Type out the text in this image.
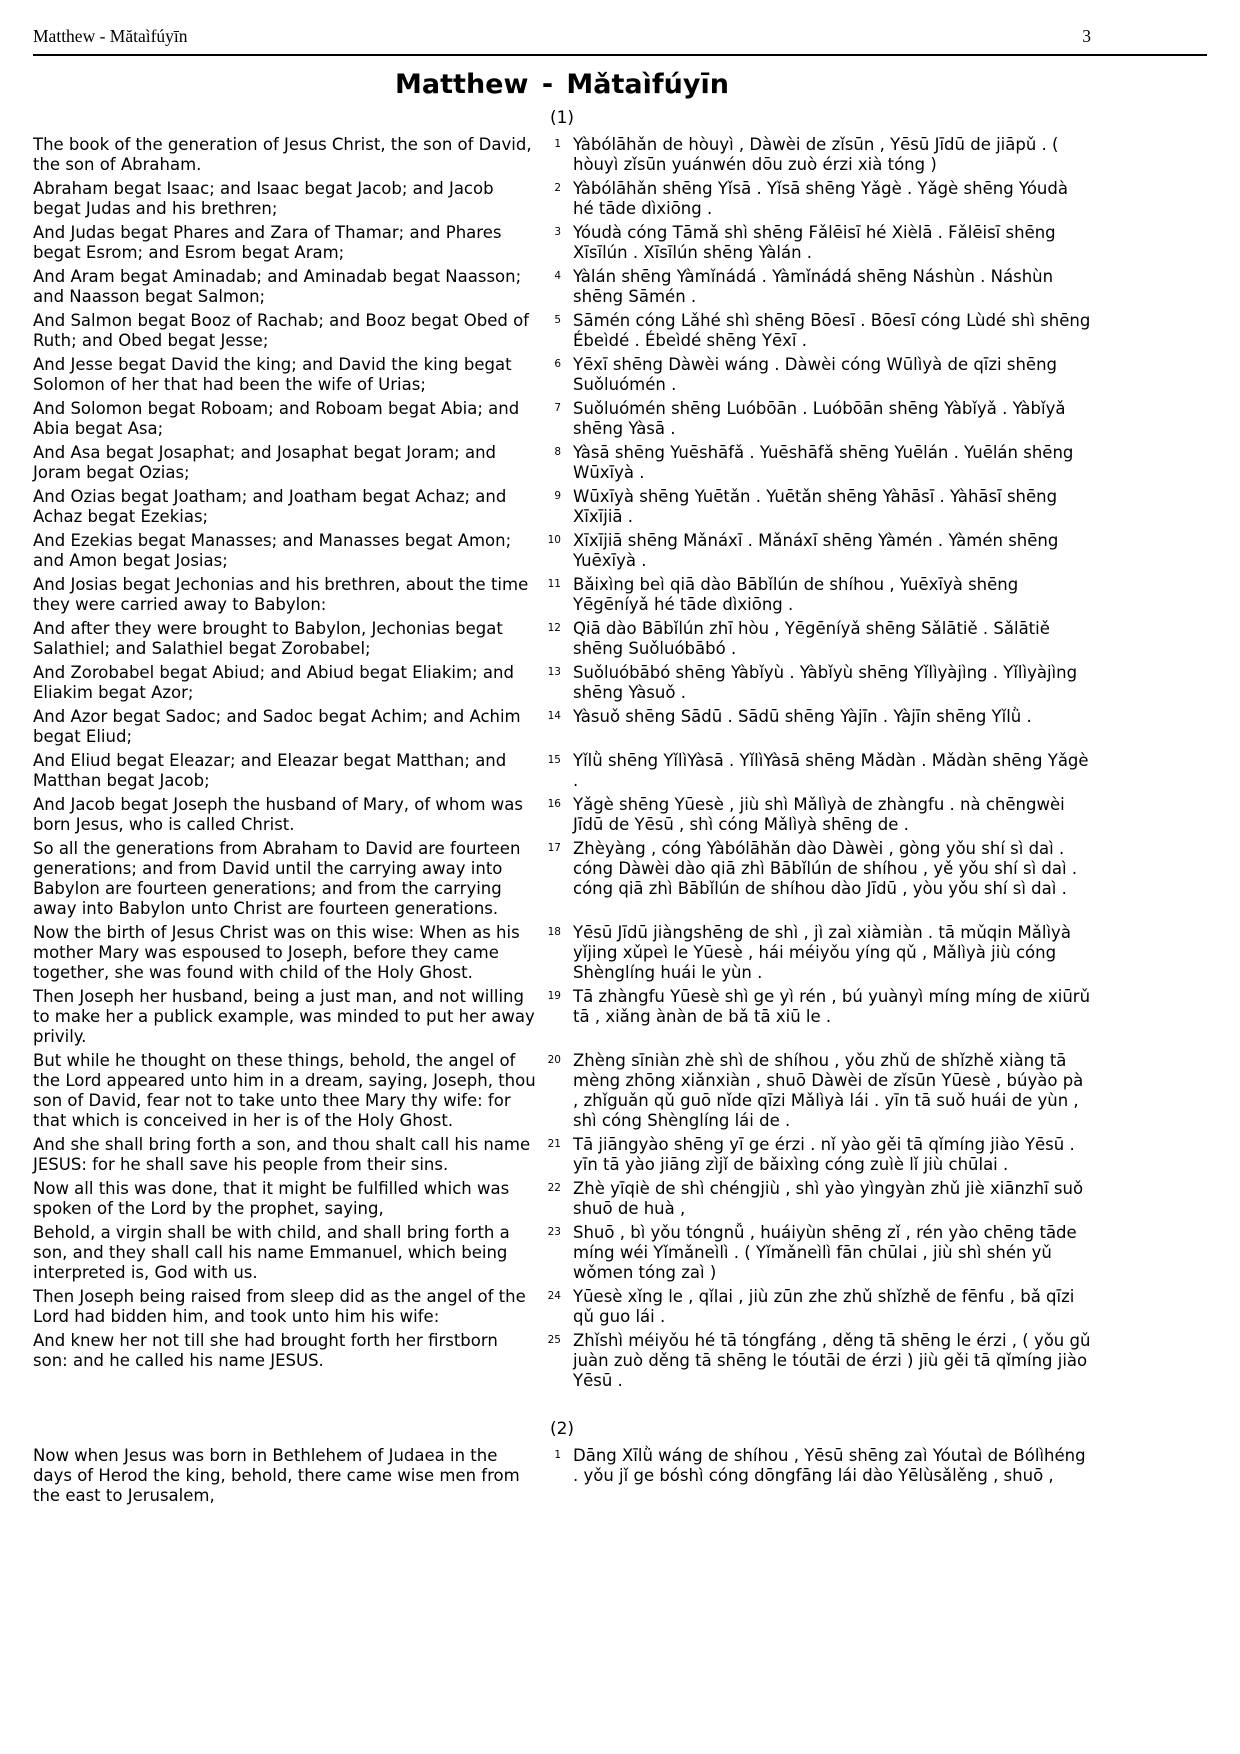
Matthew - Mătaìfúyīn	3
Matthew - Mǎtaìfúyīn
(1)
The book of the generation of Jesus Christ, the son of David, the son of Abraham.
1 Yàbólāhǎn de hòuyì , Dàwèi de zǐsūn , Yēsū Jīdū de jiāpǔ . ( hòuyì zǐsūn yuánwén dōu zuò érzi xià tóng )
Abraham begat Isaac; and Isaac begat Jacob; and Jacob begat Judas and his brethren;
2 Yàbólāhǎn shēng Yǐsā . Yǐsā shēng Yǎgè . Yǎgè shēng Yóudà hé tāde dìxiōng .
And Judas begat Phares and Zara of Thamar; and Phares begat Esrom; and Esrom begat Aram;
3 Yóudà cóng Tāmǎ shì shēng Fǎlēisī hé Xièlā . Fǎlēisī shēng Xīsīlún . Xīsīlún shēng Yàlán .
And Aram begat Aminadab; and Aminadab begat Naasson; and Naasson begat Salmon;
4 Yàlán shēng Yàmǐnádá . Yàmǐnádá shēng Náshùn . Náshùn shēng Sāmén .
And Salmon begat Booz of Rachab; and Booz begat Obed of Ruth; and Obed begat Jesse;
5 Sāmén cóng Lǎhé shì shēng Bōesī . Bōesī cóng Lùdé shì shēng Ébeìdé . Ébeìdé shēng Yēxī .
And Jesse begat David the king; and David the king begat Solomon of her that had been the wife of Urias;
6 Yēxī shēng Dàwèi wáng . Dàwèi cóng Wūlìyà de qīzi shēng Suǒluómén .
And Solomon begat Roboam; and Roboam begat Abia; and Abia begat Asa;
7 Suǒluómén shēng Luóbōān . Luóbōān shēng Yàbǐyǎ . Yàbǐyǎ shēng Yàsā .
And Asa begat Josaphat; and Josaphat begat Joram; and Joram begat Ozias;
8 Yàsā shēng Yuēshāfǎ . Yuēshāfǎ shēng Yuēlán . Yuēlán shēng Wūxīyà .
And Ozias begat Joatham; and Joatham begat Achaz; and Achaz begat Ezekias;
9 Wūxīyà shēng Yuētǎn . Yuētǎn shēng Yàhāsī . Yàhāsī shēng Xīxījiā .
And Ezekias begat Manasses; and Manasses begat Amon; and Amon begat Josias;
10 Xīxījiā shēng Mǎnáxī . Mǎnáxī shēng Yàmén . Yàmén shēng Yuēxīyà .
And Josias begat Jechonias and his brethren, about the time they were carried away to Babylon:
11 Bǎixìng beì qiā dào Bābǐlún de shíhou , Yuēxīyà shēng Yēgēníyǎ hé tāde dìxiōng .
And after they were brought to Babylon, Jechonias begat Salathiel; and Salathiel begat Zorobabel;
12 Qiā dào Bābǐlún zhī hòu , Yēgēníyǎ shēng Sǎlātiě . Sǎlātiě shēng Suǒluóbābó .
And Zorobabel begat Abiud; and Abiud begat Eliakim; and Eliakim begat Azor;
13 Suǒluóbābó shēng Yàbǐyù . Yàbǐyù shēng Yǐlìyàjìng . Yǐlìyàjìng shēng Yàsuǒ .
And Azor begat Sadoc; and Sadoc begat Achim; and Achim begat Eliud;
14 Yàsuǒ shēng Sādū . Sādū shēng Yàjīn . Yàjīn shēng Yǐlǜ .
And Eliud begat Eleazar; and Eleazar begat Matthan; and Matthan begat Jacob;
15 Yǐlǜ shēng YǐlìYàsā . YǐlìYàsā shēng Mǎdàn . Mǎdàn shēng Yǎgè .
And Jacob begat Joseph the husband of Mary, of whom was born Jesus, who is called Christ.
16 Yǎgè shēng Yūesè , jiù shì Mǎlìyà de zhàngfu . nà chēngwèi Jīdū de Yēsū , shì cóng Mǎlìyà shēng de .
So all the generations from Abraham to David are fourteen generations; and from David until the carrying away into Babylon are fourteen generations; and from the carrying away into Babylon unto Christ are fourteen generations.
17 Zhèyàng , cóng Yàbólāhǎn dào Dàwèi , gòng yǒu shí sì daì . cóng Dàwèi dào qiā zhì Bābǐlún de shíhou , yě yǒu shí sì daì . cóng qiā zhì Bābǐlún de shíhou dào Jīdū , yòu yǒu shí sì daì .
Now the birth of Jesus Christ was on this wise: When as his mother Mary was espoused to Joseph, before they came together, she was found with child of the Holy Ghost.
18 Yēsū Jīdū jiàngshēng de shì , jì zaì xiàmiàn . tā mǔqin Mǎlìyà yǐjing xǔpeì le Yūesè , hái méiyǒu yíng qǔ , Mǎlìyà jiù cóng Shènglíng huái le yùn .
Then Joseph her husband, being a just man, and not willing to make her a publick example, was minded to put her away privily.
19 Tā zhàngfu Yūesè shì ge yì rén , bú yuànyì míng míng de xiūrǔ tā , xiǎng ànàn de bǎ tā xiū le .
But while he thought on these things, behold, the angel of the Lord appeared unto him in a dream, saying, Joseph, thou son of David, fear not to take unto thee Mary thy wife: for that which is conceived in her is of the Holy Ghost.
20 Zhèng sīniàn zhè shì de shíhou , yǒu zhǔ de shǐzhě xiàng tā mèng zhōng xiǎnxiàn , shuō Dàwèi de zǐsūn Yūesè , búyào pà , zhǐguǎn qǔ guō nǐde qīzi Mǎlìyà lái . yīn tā suǒ huái de yùn , shì cóng Shènglíng lái de .
And she shall bring forth a son, and thou shalt call his name JESUS: for he shall save his people from their sins.
21 Tā jiāngyào shēng yī ge érzi . nǐ yào gěi tā qǐmíng jiào Yēsū . yīn tā yào jiāng zìjǐ de bǎixìng cóng zuìè lǐ jiù chūlai .
Now all this was done, that it might be fulfilled which was spoken of the Lord by the prophet, saying,
22 Zhè yīqiè de shì chéngjiù , shì yào yìngyàn zhǔ jiè xiānzhī suǒ shuō de huà ,
Behold, a virgin shall be with child, and shall bring forth a son, and they shall call his name Emmanuel, which being interpreted is, God with us.
23 Shuō , bì yǒu tóngnǚ , huáiyùn shēng zǐ , rén yào chēng tāde míng wéi Yǐmǎneìlì . ( Yǐmǎneìlì fān chūlai , jiù shì shén yǔ wǒmen tóng zaì )
Then Joseph being raised from sleep did as the angel of the Lord had bidden him, and took unto him his wife:
24 Yūesè xǐng le , qǐlai , jiù zūn zhe zhǔ shǐzhě de fēnfu , bǎ qīzi qǔ guo lái .
And knew her not till she had brought forth her firstborn son: and he called his name JESUS.
25 Zhǐshì méiyǒu hé tā tóngfáng , děng tā shēng le érzi , ( yǒu gǔ juàn zuò děng tā shēng le tóutāi de érzi ) jiù gěi tā qǐmíng jiào Yēsū .
(2)
Now when Jesus was born in Bethlehem of Judaea in the days of Herod the king, behold, there came wise men from the east to Jerusalem,
1 Dāng Xīlǜ wáng de shíhou , Yēsū shēng zaì Yóutaì de Bólìhéng . yǒu jǐ ge bóshì cóng dōngfāng lái dào Yēlùsǎlěng , shuō ,
